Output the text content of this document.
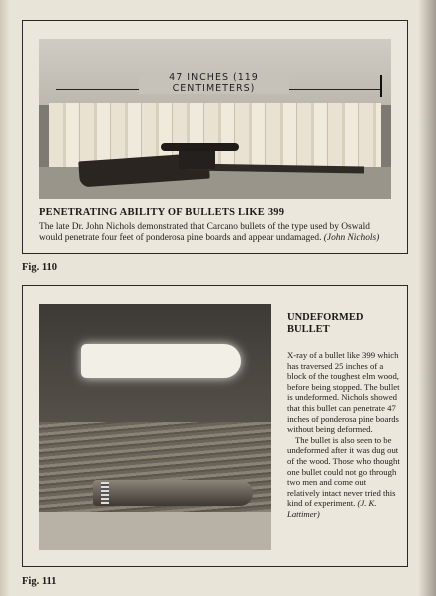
47 INCHES (119 CENTIMETERS)
PENETRATING ABILITY OF BULLETS LIKE 399
The late Dr. John Nichols demonstrated that Carcano bullets of the type used by Oswald would penetrate four feet of ponderosa pine boards and appear undamaged. (John Nichols)
Fig. 110
UNDEFORMED BULLET

X-ray of a bullet like 399 which has traversed 25 inches of a block of the toughest elm wood, before being stopped. The bullet is undeformed. Nichols showed that this bullet can penetrate 47 inches of ponderosa pine boards without being deformed.

The bullet is also seen to be undeformed after it was dug out of the wood. Those who thought one bullet could not go through two men and come out relatively intact never tried this kind of experiment. (J. K. Lattimer)

Fig. 111
